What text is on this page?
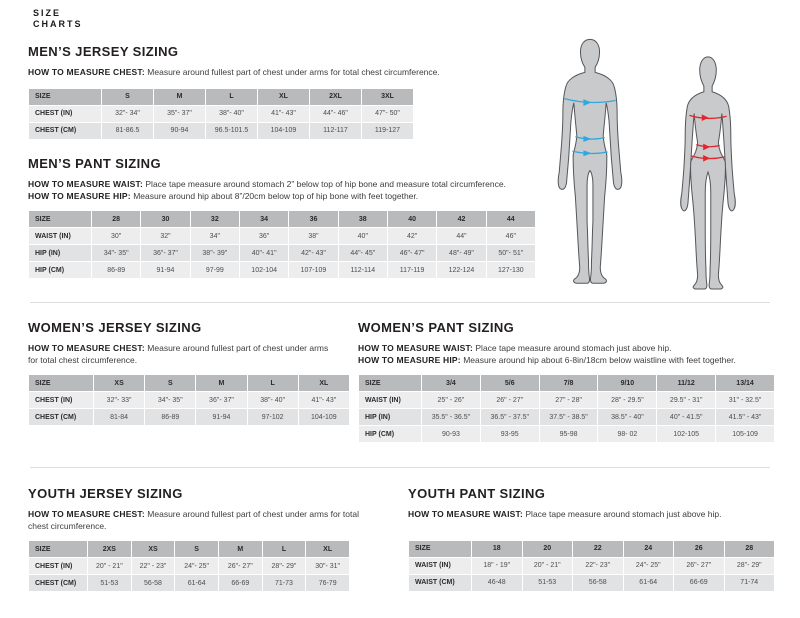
SIZE
CHARTS
MEN’S JERSEY SIZING

HOW TO MEASURE CHEST: Measure around fullest part of chest under arms for total chest circumference.

SIZE	S	M	L	XL	2XL	3XL
CHEST (IN)	32"- 34"	35"- 37"	38"- 40"	41"- 43"	44"- 46"	47"- 50"
CHEST (CM)	81-86.5	90-94	96.5-101.5	104-109	112-117	119-127
MEN’S PANT SIZING

HOW TO MEASURE WAIST: Place tape measure around stomach 2” below top of hip bone and measure total circumference.

HOW TO MEASURE HIP: Measure around hip about 8”/20cm below top of hip bone with feet together.

SIZE	28	30	32	34	36	38	40	42	44
WAIST (IN)	30"	32"	34"	36"	38"	40"	42"	44"	46"
HIP (IN)	34"- 35"	36"- 37"	38"- 39"	40"- 41"	42"- 43"	44"- 45"	46"- 47"	48"- 49"	50"- 51"
HIP (CM)	86-89	91-94	97-99	102-104	107-109	112-114	117-119	122-124	127-130
WOMEN’S JERSEY SIZING

HOW TO MEASURE CHEST: Measure around fullest part of chest under arms for total chest circumference.

SIZE	XS	S	M	L	XL
CHEST (IN)	32"- 33"	34"- 35"	36"- 37"	38"- 40"	41"- 43"
CHEST (CM)	81-84	86-89	91-94	97-102	104-109
WOMEN’S PANT SIZING

HOW TO MEASURE WAIST: Place tape measure around stomach just above hip.

HOW TO MEASURE HIP: Measure around hip about 6-8in/18cm below waistline with feet together.

SIZE	3/4	5/6	7/8	9/10	11/12	13/14
WAIST (IN)	25" - 26"	26" - 27"	27" - 28"	28" - 29.5"	29.5" - 31"	31" - 32.5"
HIP (IN)	35.5" - 36.5"	36.5" - 37.5"	37.5" - 38.5"	38.5" - 40"	40" - 41.5"	41.5" - 43"
HIP (CM)	90-93	93-95	95-98	98- 02	102-105	105-109
YOUTH JERSEY SIZING

HOW TO MEASURE CHEST: Measure around fullest part of chest under arms for total chest circumference.

SIZE	2XS	XS	S	M	L	XL
CHEST (IN)	20" - 21"	22" - 23"	24"- 25"	26"- 27"	28"- 29"	30"- 31"
CHEST (CM)	51-53	56-58	61-64	66-69	71-73	76-79
YOUTH PANT SIZING

HOW TO MEASURE WAIST: Place tape measure around stomach just above hip.

SIZE	18	20	22	24	26	28
WAIST (IN)	18" - 19"	20" - 21"	22"- 23"	24"- 25"	26"- 27"	28"- 29"
WAIST (CM)	46-48	51-53	56-58	61-64	66-69	71-74
